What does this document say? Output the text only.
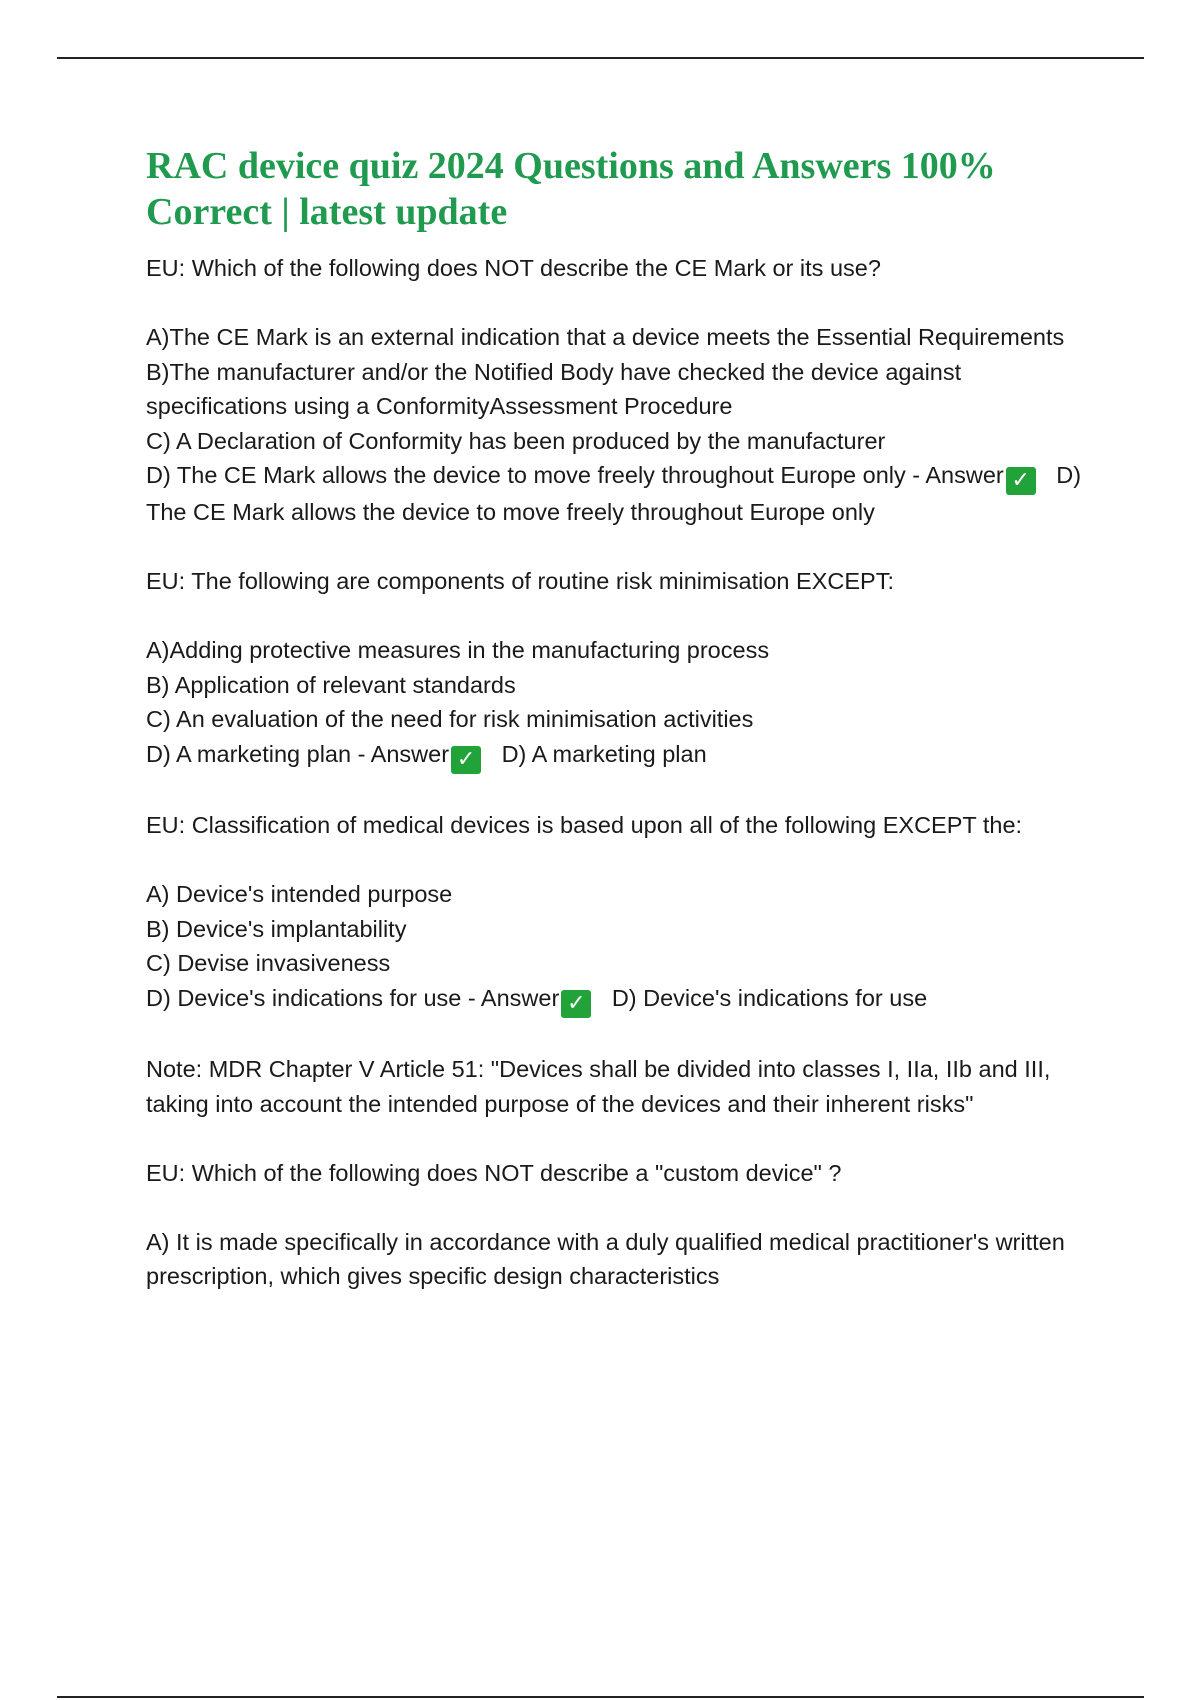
RAC device quiz 2024 Questions and Answers 100% Correct | latest update
EU: Which of the following does NOT describe the CE Mark or its use?
A)The CE Mark is an external indication that a device meets the Essential Requirements
B)The manufacturer and/or the Notified Body have checked the device against specifications using a ConformityAssessment Procedure
C) A Declaration of Conformity has been produced by the manufacturer
D) The CE Mark allows the device to move freely throughout Europe only - Answer ✓ D) The CE Mark allows the device to move freely throughout Europe only
EU: The following are components of routine risk minimisation EXCEPT:
A)Adding protective measures in the manufacturing process
B) Application of relevant standards
C) An evaluation of the need for risk minimisation activities
D) A marketing plan - Answer ✓ D) A marketing plan
EU: Classification of medical devices is based upon all of the following EXCEPT the:
A) Device's intended purpose
B) Device's implantability
C) Devise invasiveness
D) Device's indications for use - Answer ✓ D) Device's indications for use
Note: MDR Chapter V Article 51: "Devices shall be divided into classes I, IIa, IIb and III, taking into account the intended purpose of the devices and their inherent risks"
EU: Which of the following does NOT describe a "custom device" ?
A) It is made specifically in accordance with a duly qualified medical practitioner's written prescription, which gives specific design characteristics
